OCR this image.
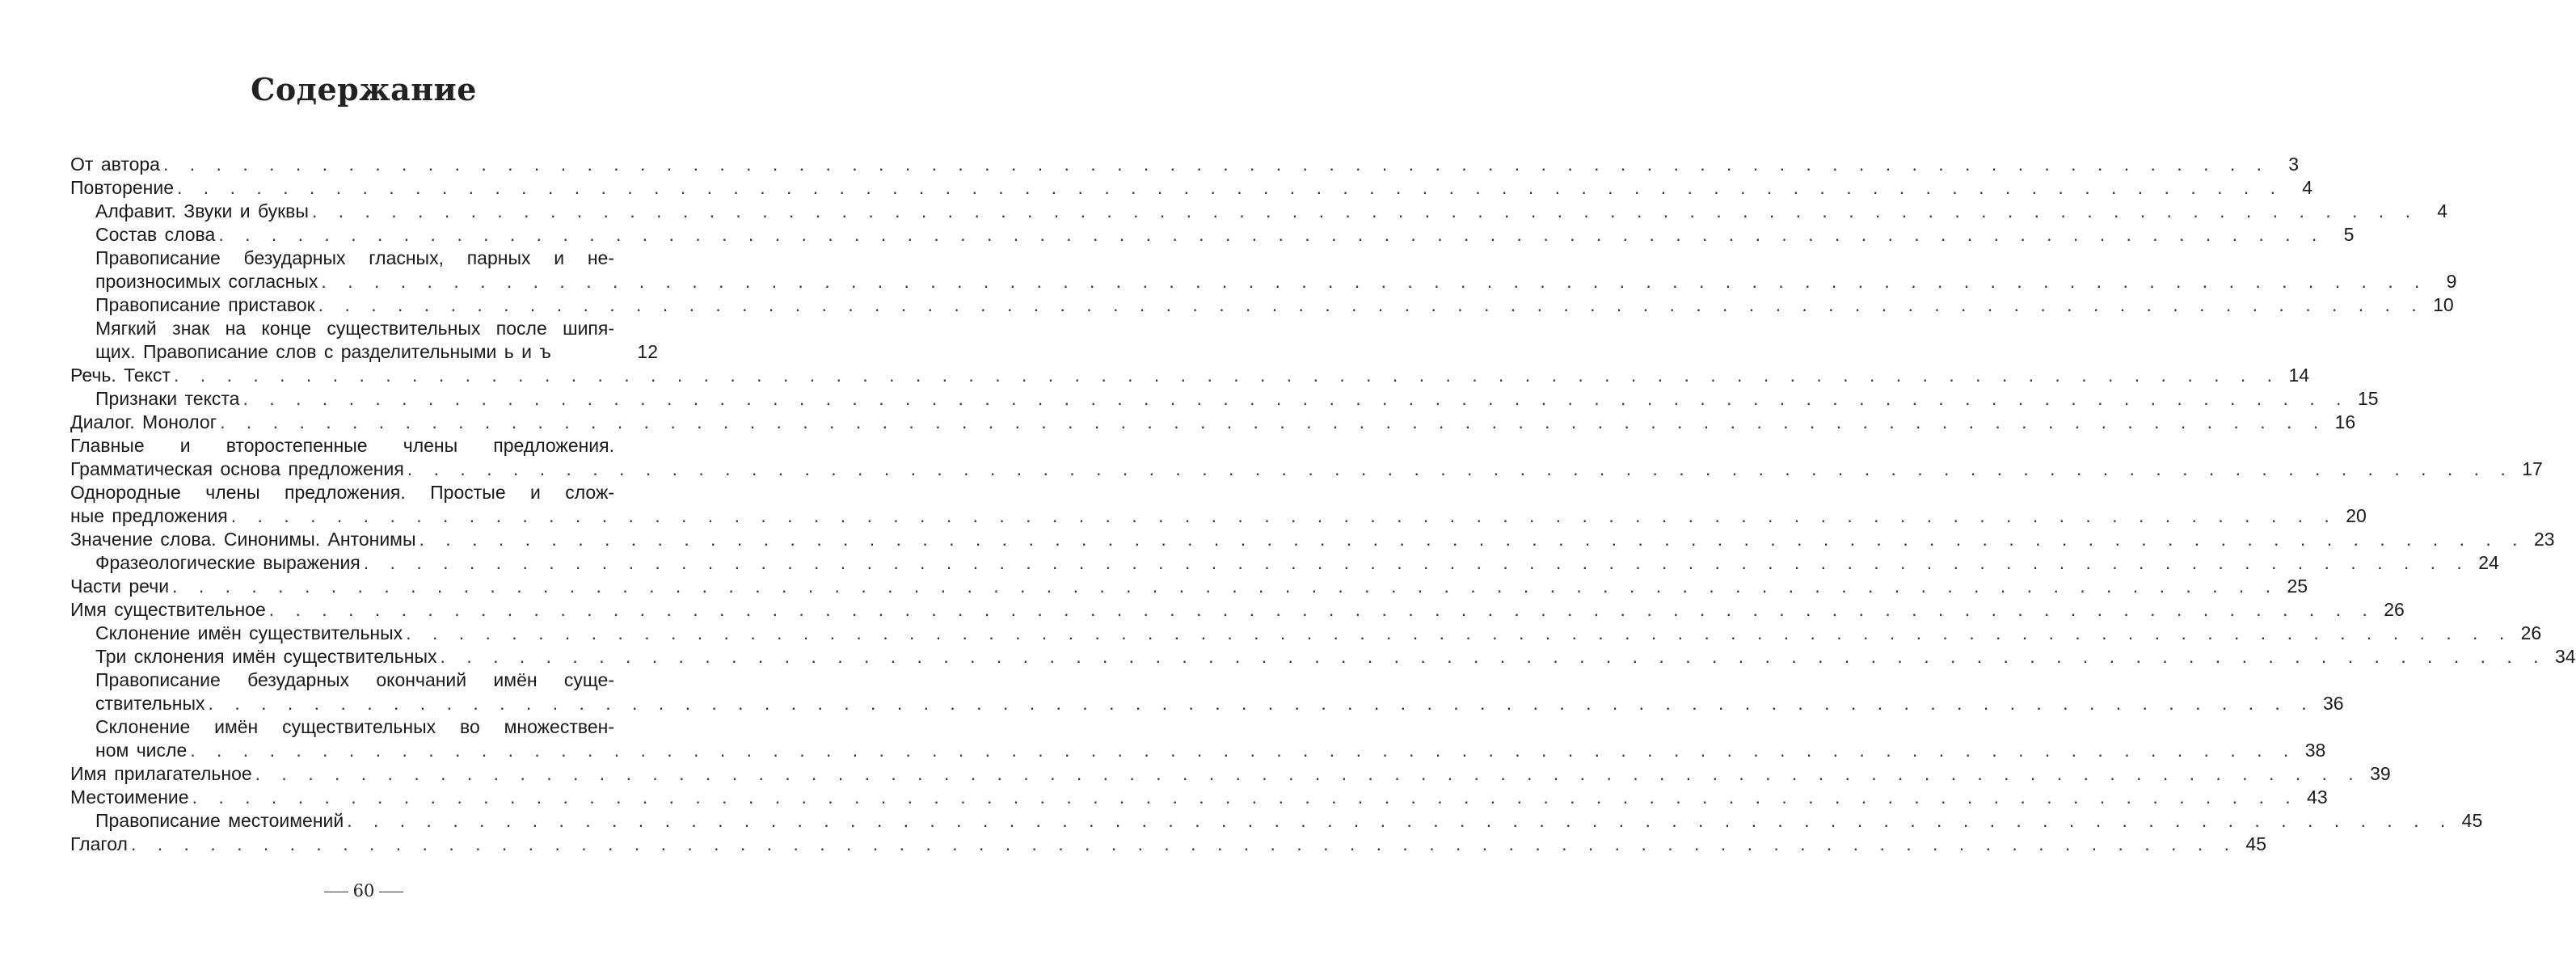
Содержание
От автора . . . . . . . . . . . . . . . . . . . . . . . . . . . . . . . . . . . . . . . . . . . . . . . . . . . . . . . . . . . . . . . . . . . . . . . . . . . . . . . .	3
Повторение . . . . . . . . . . . . . . . . . . . . . . . . . . . . . . . . . . . . . . . . . . . . . . . . . . . . . . . . . . . . . . . . . . . . . . . . . . . . . . . .	4
Алфавит. Звуки и буквы . . . . . . . . . . . . . . . . . . . . . . . . . . . . . . . . . . . . . . . . . . . . . . . . . . . . . . . . . . . . . . . . . . . . . . . . . . . . . . . .	4
Состав слова . . . . . . . . . . . . . . . . . . . . . . . . . . . . . . . . . . . . . . . . . . . . . . . . . . . . . . . . . . . . . . . . . . . . . . . . . . . . . . . .	5
Правописание безударных гласных, парных и не-
произносимых согласных . . . . . . . . . . . . . . . . . . . . . . . . . . . . . . . . . . . . . . . . . . . . . . . . . . . . . . . . . . . . . . . . . . . . . . . . . . . . . . . .	9
Правописание приставок . . . . . . . . . . . . . . . . . . . . . . . . . . . . . . . . . . . . . . . . . . . . . . . . . . . . . . . . . . . . . . . . . . . . . . . . . . . . . . . . 10
Мягкий знак на конце существительных после шипя-
щих. Правописание слов с разделительными ь и ъ	12
Речь. Текст . . . . . . . . . . . . . . . . . . . . . . . . . . . . . . . . . . . . . . . . . . . . . . . . . . . . . . . . . . . . . . . . . . . . . . . . . . . . . . . . 14
Признаки текста . . . . . . . . . . . . . . . . . . . . . . . . . . . . . . . . . . . . . . . . . . . . . . . . . . . . . . . . . . . . . . . . . . . . . . . . . . . . . . . . 15
Диалог. Монолог . . . . . . . . . . . . . . . . . . . . . . . . . . . . . . . . . . . . . . . . . . . . . . . . . . . . . . . . . . . . . . . . . . . . . . . . . . . . . . . . 16
Главные и второстепенные члены предложения.
Грамматическая основа предложения . . . . . . . . . . . . . . . . . . . . . . . . . . . . . . . . . . . . . . . . . . . . . . . . . . . . . . . . . . . . . . . . . . . . . . . . . . . . . . . . 17
Однородные члены предложения. Простые и слож-
ные предложения . . . . . . . . . . . . . . . . . . . . . . . . . . . . . . . . . . . . . . . . . . . . . . . . . . . . . . . . . . . . . . . . . . . . . . . . . . . . . . . . 20
Значение слова. Синонимы. Антонимы . . . . . . . . . . . . . . . . . . . . . . . . . . . . . . . . . . . . . . . . . . . . . . . . . . . . . . . . . . . . . . . . . . . . . . . . . . . . . . . . 23
Фразеологические выражения . . . . . . . . . . . . . . . . . . . . . . . . . . . . . . . . . . . . . . . . . . . . . . . . . . . . . . . . . . . . . . . . . . . . . . . . . . . . . . . . 24
Части речи . . . . . . . . . . . . . . . . . . . . . . . . . . . . . . . . . . . . . . . . . . . . . . . . . . . . . . . . . . . . . . . . . . . . . . . . . . . . . . . . 25
Имя существительное . . . . . . . . . . . . . . . . . . . . . . . . . . . . . . . . . . . . . . . . . . . . . . . . . . . . . . . . . . . . . . . . . . . . . . . . . . . . . . . . 26
Склонение имён существительных . . . . . . . . . . . . . . . . . . . . . . . . . . . . . . . . . . . . . . . . . . . . . . . . . . . . . . . . . . . . . . . . . . . . . . . . . . . . . . . . 26
Три склонения имён существительных . . . . . . . . . . . . . . . . . . . . . . . . . . . . . . . . . . . . . . . . . . . . . . . . . . . . . . . . . . . . . . . . . . . . . . . . . . . . . . . . 34
Правописание безударных окончаний имён суще-
ствительных . . . . . . . . . . . . . . . . . . . . . . . . . . . . . . . . . . . . . . . . . . . . . . . . . . . . . . . . . . . . . . . . . . . . . . . . . . . . . . . . 36
Склонение имён существительных во множествен-
ном числе . . . . . . . . . . . . . . . . . . . . . . . . . . . . . . . . . . . . . . . . . . . . . . . . . . . . . . . . . . . . . . . . . . . . . . . . . . . . . . . . 38
Имя прилагательное . . . . . . . . . . . . . . . . . . . . . . . . . . . . . . . . . . . . . . . . . . . . . . . . . . . . . . . . . . . . . . . . . . . . . . . . . . . . . . . . 39
Местоимение . . . . . . . . . . . . . . . . . . . . . . . . . . . . . . . . . . . . . . . . . . . . . . . . . . . . . . . . . . . . . . . . . . . . . . . . . . . . . . . . 43
Правописание местоимений . . . . . . . . . . . . . . . . . . . . . . . . . . . . . . . . . . . . . . . . . . . . . . . . . . . . . . . . . . . . . . . . . . . . . . . . . . . . . . . . 45
Глагол . . . . . . . . . . . . . . . . . . . . . . . . . . . . . . . . . . . . . . . . . . . . . . . . . . . . . . . . . . . . . . . . . . . . . . . . . . . . . . . . 45
60
